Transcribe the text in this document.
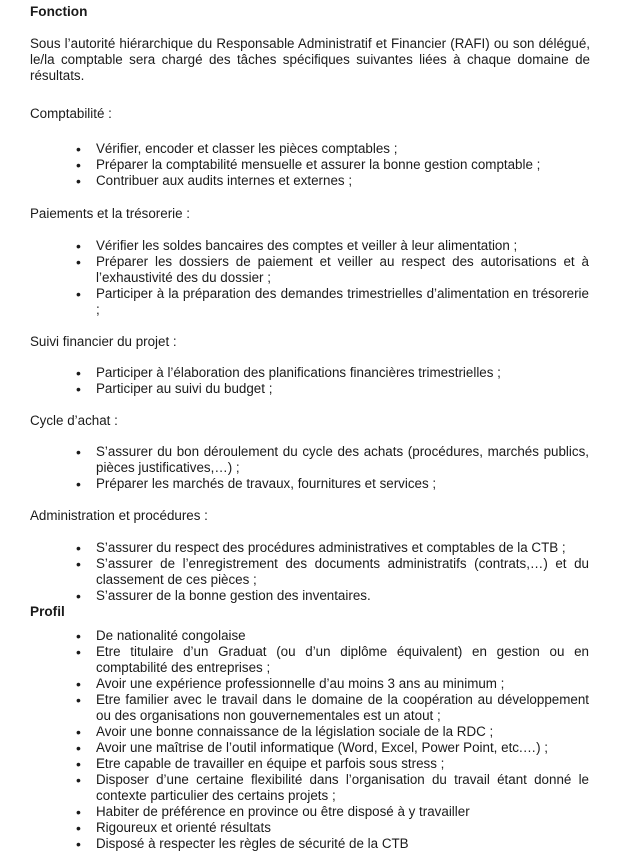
Fonction
Sous l’autorité hiérarchique du Responsable Administratif et Financier (RAFI) ou son délégué, le/la comptable sera chargé des tâches spécifiques suivantes liées à chaque domaine de résultats.
Comptabilité :
• Vérifier, encoder et classer les pièces comptables ;
• Préparer la comptabilité mensuelle et assurer la bonne gestion comptable ;
• Contribuer aux audits internes et externes ;
Paiements et la trésorerie :
• Vérifier les soldes bancaires des comptes et veiller à leur alimentation ;
• Préparer les dossiers de paiement et veiller au respect des autorisations et à l’exhaustivité des du dossier ;
• Participer à la préparation des demandes trimestrielles d’alimentation en trésorerie ;
Suivi financier du projet :
• Participer à l’élaboration des planifications financières trimestrielles ;
• Participer au suivi du budget ;
Cycle d’achat :
• S’assurer du bon déroulement du cycle des achats (procédures, marchés publics, pièces justificatives,…) ;
• Préparer les marchés de travaux, fournitures et services ;
Administration et procédures :
• S’assurer du respect des procédures administratives et comptables de la CTB ;
• S’assurer de l’enregistrement des documents administratifs (contrats,…) et du classement de ces pièces ;
• S’assurer de la bonne gestion des inventaires.
Profil
• De nationalité congolaise
• Etre titulaire d’un Graduat (ou d’un diplôme équivalent) en gestion ou en comptabilité des entreprises ;
• Avoir une expérience professionnelle d’au moins 3 ans au minimum ;
• Etre familier avec le travail dans le domaine de la coopération au développement ou des organisations non gouvernementales est un atout ;
• Avoir une bonne connaissance de la législation sociale de la RDC ;
• Avoir une maîtrise de l’outil informatique (Word, Excel, Power Point, etc.…) ;
• Etre capable de travailler en équipe et parfois sous stress ;
• Disposer d’une certaine flexibilité dans l’organisation du travail étant donné le contexte particulier des certains projets ;
• Habiter de préférence en province ou être disposé à y travailler
• Rigoureux et orienté résultats
• Disposé à respecter les règles de sécurité de la CTB
